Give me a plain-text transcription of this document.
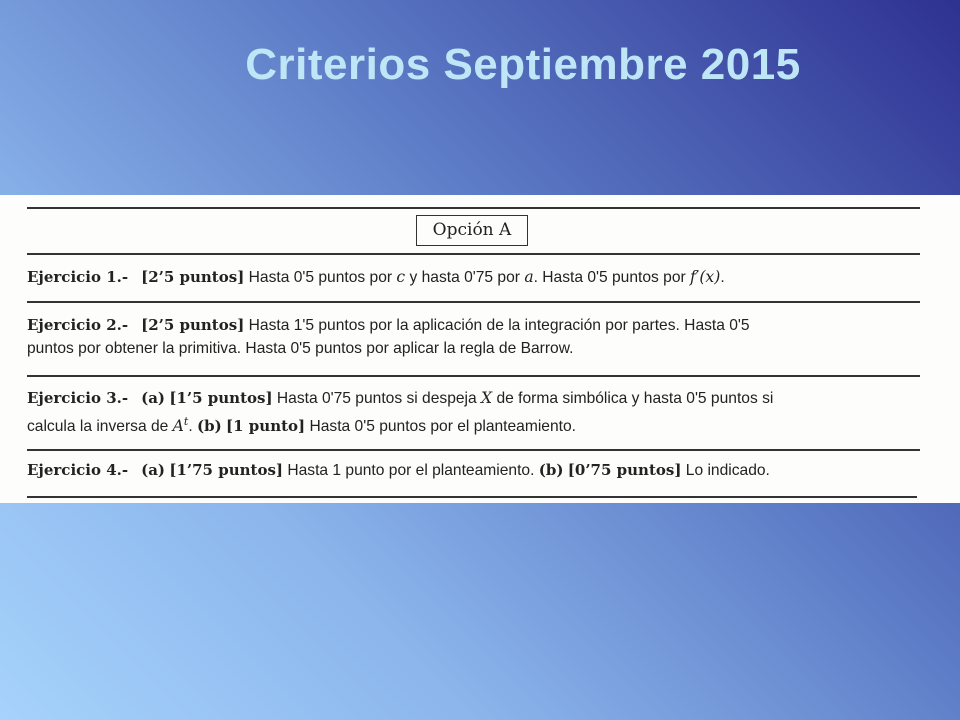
Criterios Septiembre 2015
Opción A
Ejercicio 1.- [2’5 puntos] Hasta 0'5 puntos por c y hasta 0'75 por a. Hasta 0'5 puntos por f′(x).
Ejercicio 2.- [2’5 puntos] Hasta 1'5 puntos por la aplicación de la integración por partes. Hasta 0'5
puntos por obtener la primitiva. Hasta 0'5 puntos por aplicar la regla de Barrow.
Ejercicio 3.- (a) [1’5 puntos] Hasta 0'75 puntos si despeja X de forma simbólica y hasta 0'5 puntos si
calcula la inversa de $A^t$. (b) [1 punto] Hasta 0'5 puntos por el planteamiento.
Ejercicio 4.- (a) [1’75 puntos] Hasta 1 punto por el planteamiento. (b) [0’75 puntos] Lo indicado.
